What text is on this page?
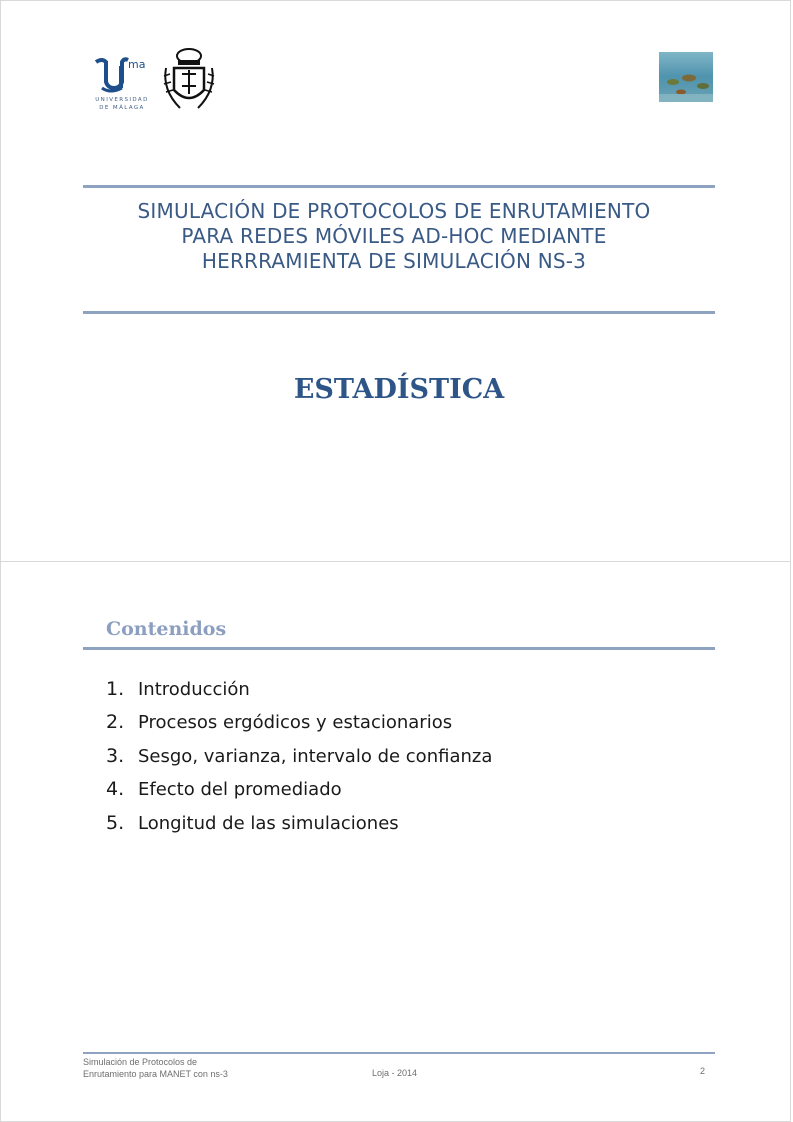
ma
UNIVERSIDAD
DE MÁLAGA
SIMULACIÓN DE PROTOCOLOS DE ENRUTAMIENTO
PARA REDES MÓVILES AD-HOC MEDIANTE
HERRRAMIENTA DE SIMULACIÓN NS-3
ESTADÍSTICA
Contenidos
1. Introducción
2. Procesos ergódicos y estacionarios
3. Sesgo, varianza, intervalo de confianza
4. Efecto del promediado
5. Longitud de las simulaciones
Simulación de Protocolos de Enrutamiento para MANET con ns-3	Loja - 2014	2
